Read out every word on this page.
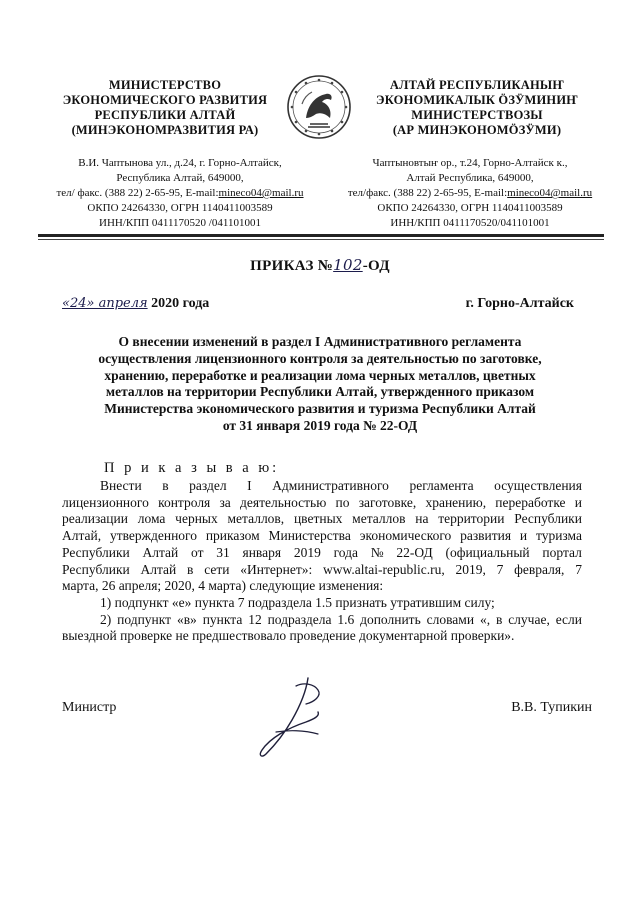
МИНИСТЕРСТВО
ЭКОНОМИЧЕСКОГО РАЗВИТИЯ
РЕСПУБЛИКИ АЛТАЙ
(МИНЭКОНОМРАЗВИТИЯ РА)
АЛТАЙ РЕСПУБЛИКАНЫҤ
ЭКОНОМИКАЛЫК ӦЗӰМИНИҤ
МИНИСТЕРСТВОЗЫ
(АР МИНЭКОНОМӦЗӰМИ)
В.И. Чаптынова ул., д.24, г. Горно-Алтайск,
Республика Алтай, 649000,
тел/ факс. (388 22) 2-65-95, E-mail:mineco04@mail.ru
ОКПО 24264330, ОГРН 1140411003589
ИНН/КПП 0411170520 /041101001
Чаптыновтыҥ ор., т.24, Горно-Алтайск к.,
Алтай Республика, 649000,
тел/факс. (388 22) 2-65-95, E-mail:mineco04@mail.ru
ОКПО 24264330, ОГРН 1140411003589
ИНН/КПП 0411170520/041101001
ПРИКАЗ №102-ОД
«24» апреля 2020 года	г. Горно-Алтайск
О внесении изменений в раздел I Административного регламента
осуществления лицензионного контроля за деятельностью по заготовке,
хранению, переработке и реализации лома черных металлов, цветных
металлов на территории Республики Алтай, утвержденного приказом
Министерства экономического развития и туризма Республики Алтай
от 31 января 2019 года № 22-ОД
П р и к а з ы в а ю:
Внести в раздел I Административного регламента осуществления
лицензионного контроля за деятельностью по заготовке, хранению, переработке и
реализации лома черных металлов, цветных металлов на территории Республики
Алтай, утвержденного приказом Министерства экономического развития и туризма
Республики Алтай от 31 января 2019 года № 22-ОД (официальный портал
Республики Алтай в сети «Интернет»: www.altai-republic.ru, 2019, 7 февраля, 7
марта, 26 апреля; 2020, 4 марта) следующие изменения:
1) подпункт «е» пункта 7 подраздела 1.5 признать утратившим силу;
2) подпункт «в» пункта 12 подраздела 1.6 дополнить словами «, в случае, если
выездной проверке не предшествовало проведение документарной проверки».
Министр	В.В. Тупикин
